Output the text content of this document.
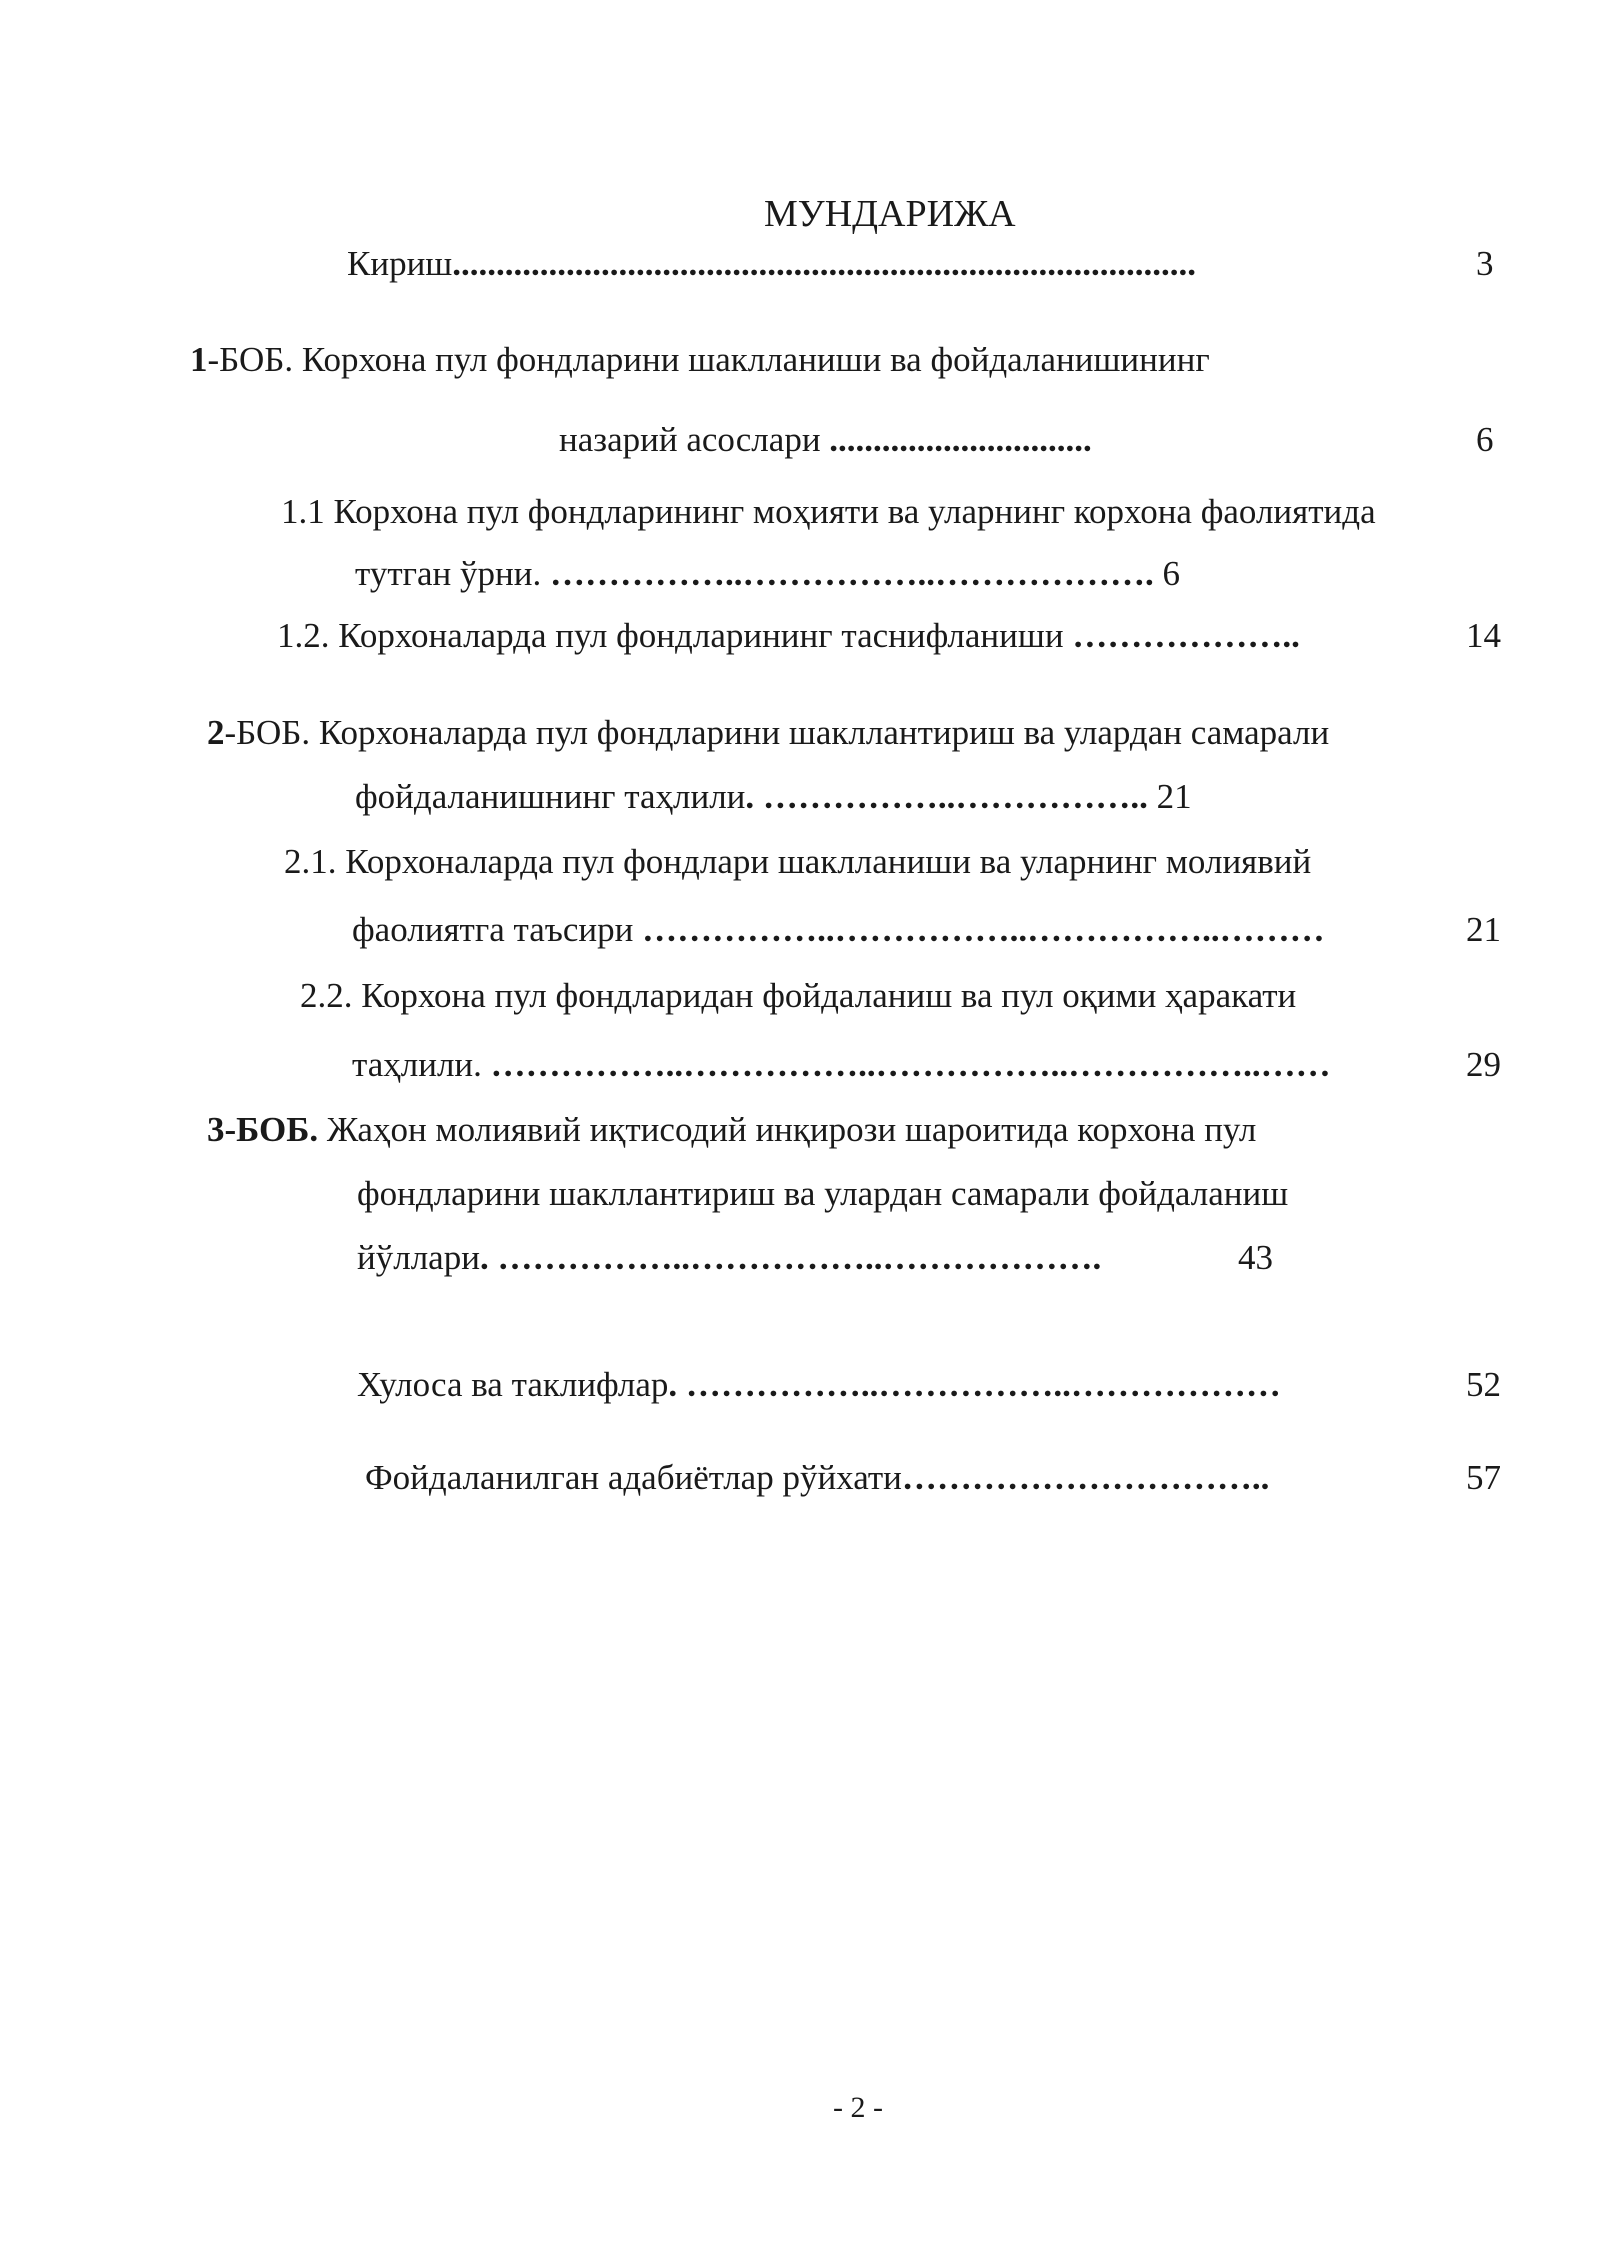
МУНДАРИЖА

Кириш.....................................................................................	3

1-БОБ. Корхона пул фондларини шаклланиши ва фойдаланишининг

назарий асослари ..............................	6

1.1 Корхона пул фондларининг моҳияти ва уларнинг корхона фаолиятида

тутган ўрни. ……………..……………..………………. 6

1.2. Корхоналарда пул фондларининг таснифланиши ………………..	14

2-БОБ. Корхоналарда пул фондларини шакллантириш ва улардан самарали

фойдаланишнинг таҳлили. ……………..…………….. 21

2.1. Корхоналарда пул фондлари шаклланиши ва уларнинг молиявий

фаолиятга таъсири ……………..……………..……………..………	21

2.2. Корхона пул фондларидан фойдаланиш ва пул оқими ҳаракати

таҳлили. ……………..……………..……………..……………..……	29

3-БОБ. Жаҳон молиявий иқтисодий инқирози шароитида корхона пул

фондларини шакллантириш ва улардан самарали фойдаланиш

йўллари. ……………..……………..……………….	43

Хулоса ва таклифлар. ……………..……………..………………	52

Фойдаланилган адабиётлар рўйхати…………………………..	57
- 2 -
